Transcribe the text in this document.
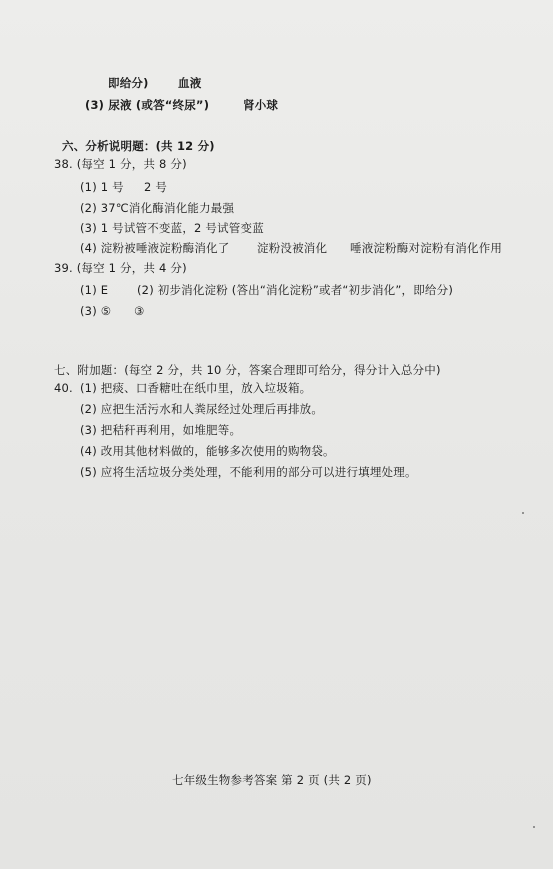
即给分)	血液
(3) 尿液 (或答“终尿”)	肾小球
六、分析说明题：(共 12 分)
38. (每空 1 分，共 8 分)
(1) 1 号 2 号
(2) 37℃消化酶消化能力最强
(3) 1 号试管不变蓝，2 号试管变蓝
(4) 淀粉被唾液淀粉酶消化了 淀粉没被消化 唾液淀粉酶对淀粉有消化作用
39. (每空 1 分，共 4 分)
(1) E	(2) 初步消化淀粉 (答出“消化淀粉”或者“初步消化”，即给分)
(3) ⑤ ③
七、附加题：(每空 2 分，共 10 分，答案合理即可给分，得分计入总分中)
40. (1) 把痰、口香糖吐在纸巾里，放入垃圾箱。
(2) 应把生活污水和人粪尿经过处理后再排放。
(3) 把秸秆再利用，如堆肥等。
(4) 改用其他材料做的，能够多次使用的购物袋。
(5) 应将生活垃圾分类处理，不能利用的部分可以进行填埋处理。
七年级生物参考答案 第 2 页 (共 2 页)
